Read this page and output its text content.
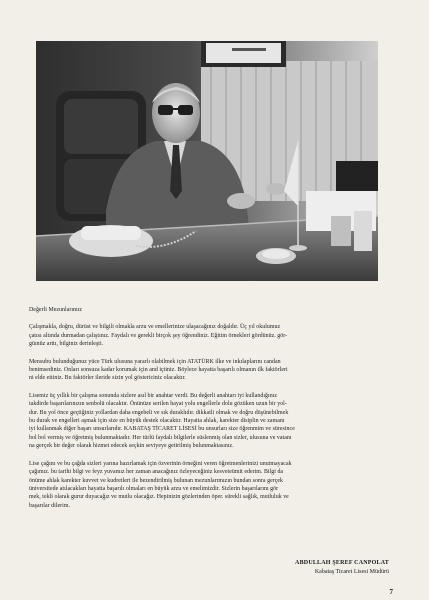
Değerli Mezunlarımız

Çalışmakla, doğru, dürüst ve bilgili olmakla arzu ve emellerinize ulaşacağınız doğaldır. Üç yıl okulumuz
çatısı altında durmadan çalıştınız. Faydalı ve gerekli birçok şey öğrendiniz. Eğitim örnekleri gördünüz. gör-
güınüz arttı, bilginiz derinleşti.
Mensubu bulunduğunuz yüce Türk ulusuna yararlı olabilmek için ATATÜRK ilke ve inkılaplarını candan
benimsediniz. Onları sonsuza kadar korumak için and içtiniz. Böylece hayatta başarılı olmanın ilk faktörleri
ni elde ettiniz. Bu faktörler ileride sizin yol göstericiniz olacaktır.
Lisemiz üç yıllık bir çalışma sonunda sizlere asıl bir anahtar verdi. Bu değerli anahtarı iyi kullandığınız
takdirde başarılarınızın senbolü olacaktır. Önünüze serilen hayat yolu engellerle dolu gözüken uzun bir yol-
dur. Bu yol önce geçtiğiniz yollardan daha engebeli ve sık duraklıdır. dikkatli olmak ve doğru düşünebilmek
bu durak ve engelleri aşmak için size en büyük destek olacaktır. Hayatta ahlak, karekter disiplin ve zamanı
iyi kullanmak diğer başarı unsurlarıdır. KABATAŞ TİCARET LİSESİ bu unsurları size öğrenmim ve süresince
bol bol vermiş ve öğretmiş bulunmaktadır. Her türlü faydalı bilgilerle süslenmiş olan sizler, ulusuna ve vatanı
na gerçek bir değer olarak hizmet edecek seçkin seviyeye getirilmiş bulunmaktasınız.
Lise çağını ve bu çağda sizleri yarına hazırlamak için özverinin örneğini veren öğretmenlerinizi unutmayacak
çağımız. bu tarihi bilgi ve feyz yuvamız her zaman anacağınız özleyeceğiniz kesveteümit ederim. Bilgi da
önüme ahlak karekter kuvvet ve kudretleri ile bezendirilmiş bulunan mezunlarımızın bundan sonra gerçek
üniversitede atılacakları hayatta başarılı olmaları en büyük arzu ve emelimizdir. Sizlerin başarılarını gör
mek, tekli olarak gurur duyacağız ve mutlu olacağız. Hepinizin gözlerinden öper. sürekli sağlık, mutluluk ve
başarılar dilerim.
ABDULLAH ŞEREF CANPOLAT
Kabataş Ticaret Lisesi Müdürü
7
